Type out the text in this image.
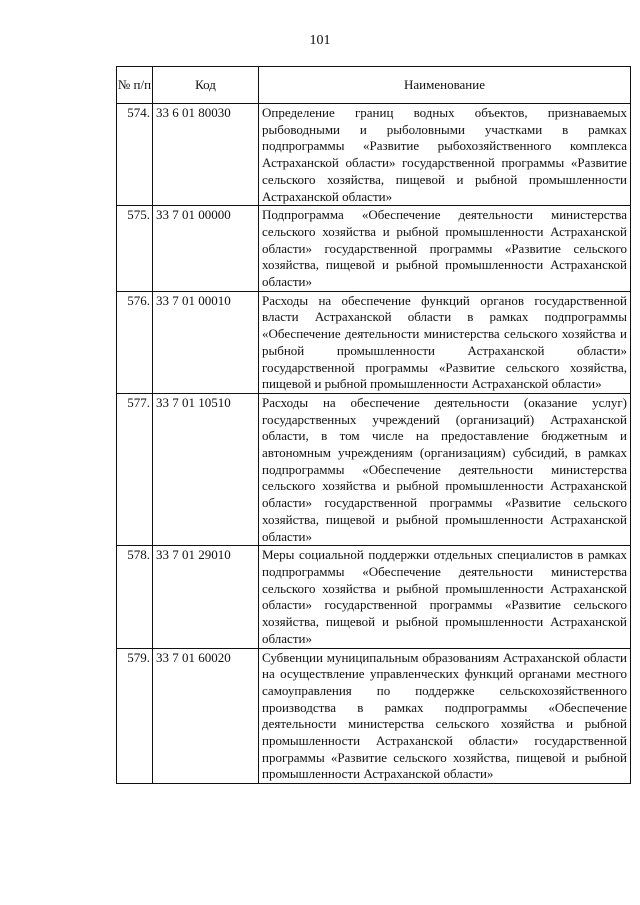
101
№ п/п	Код	Наименование
574.	33 6 01 80030	Определение границ водных объектов, признаваемых рыбоводными и рыболовными участками в рамках подпрограммы «Развитие рыбохозяйственного комплекса Астраханской области» государственной программы «Развитие сельского хозяйства, пищевой и рыбной промышленности Астраханской области»
575.	33 7 01 00000	Подпрограмма «Обеспечение деятельности министерства сельского хозяйства и рыбной промышленности Астраханской области» государственной программы «Развитие сельского хозяйства, пищевой и рыбной промышленности Астраханской области»
576.	33 7 01 00010	Расходы на обеспечение функций органов государственной власти Астраханской области в рамках подпрограммы «Обеспечение деятельности министерства сельского хозяйства и рыбной промышленности Астраханской области» государственной программы «Развитие сельского хозяйства, пищевой и рыбной промышленности Астраханской области»
577.	33 7 01 10510	Расходы на обеспечение деятельности (оказание услуг) государственных учреждений (организаций) Астраханской области, в том числе на предоставление бюджетным и автономным учреждениям (организациям) субсидий, в рамках подпрограммы «Обеспечение деятельности министерства сельского хозяйства и рыбной промышленности Астраханской области» государственной программы «Развитие сельского хозяйства, пищевой и рыбной промышленности Астраханской области»
578.	33 7 01 29010	Меры социальной поддержки отдельных специалистов в рамках подпрограммы «Обеспечение деятельности министерства сельского хозяйства и рыбной промышленности Астраханской области» государственной программы «Развитие сельского хозяйства, пищевой и рыбной промышленности Астраханской области»
579.	33 7 01 60020	Субвенции муниципальным образованиям Астраханской области на осуществление управленческих функций органами местного самоуправления по поддержке сельскохозяйственного производства в рамках подпрограммы «Обеспечение деятельности министерства сельского хозяйства и рыбной промышленности Астраханской области» государственной программы «Развитие сельского хозяйства, пищевой и рыбной промышленности Астраханской области»
